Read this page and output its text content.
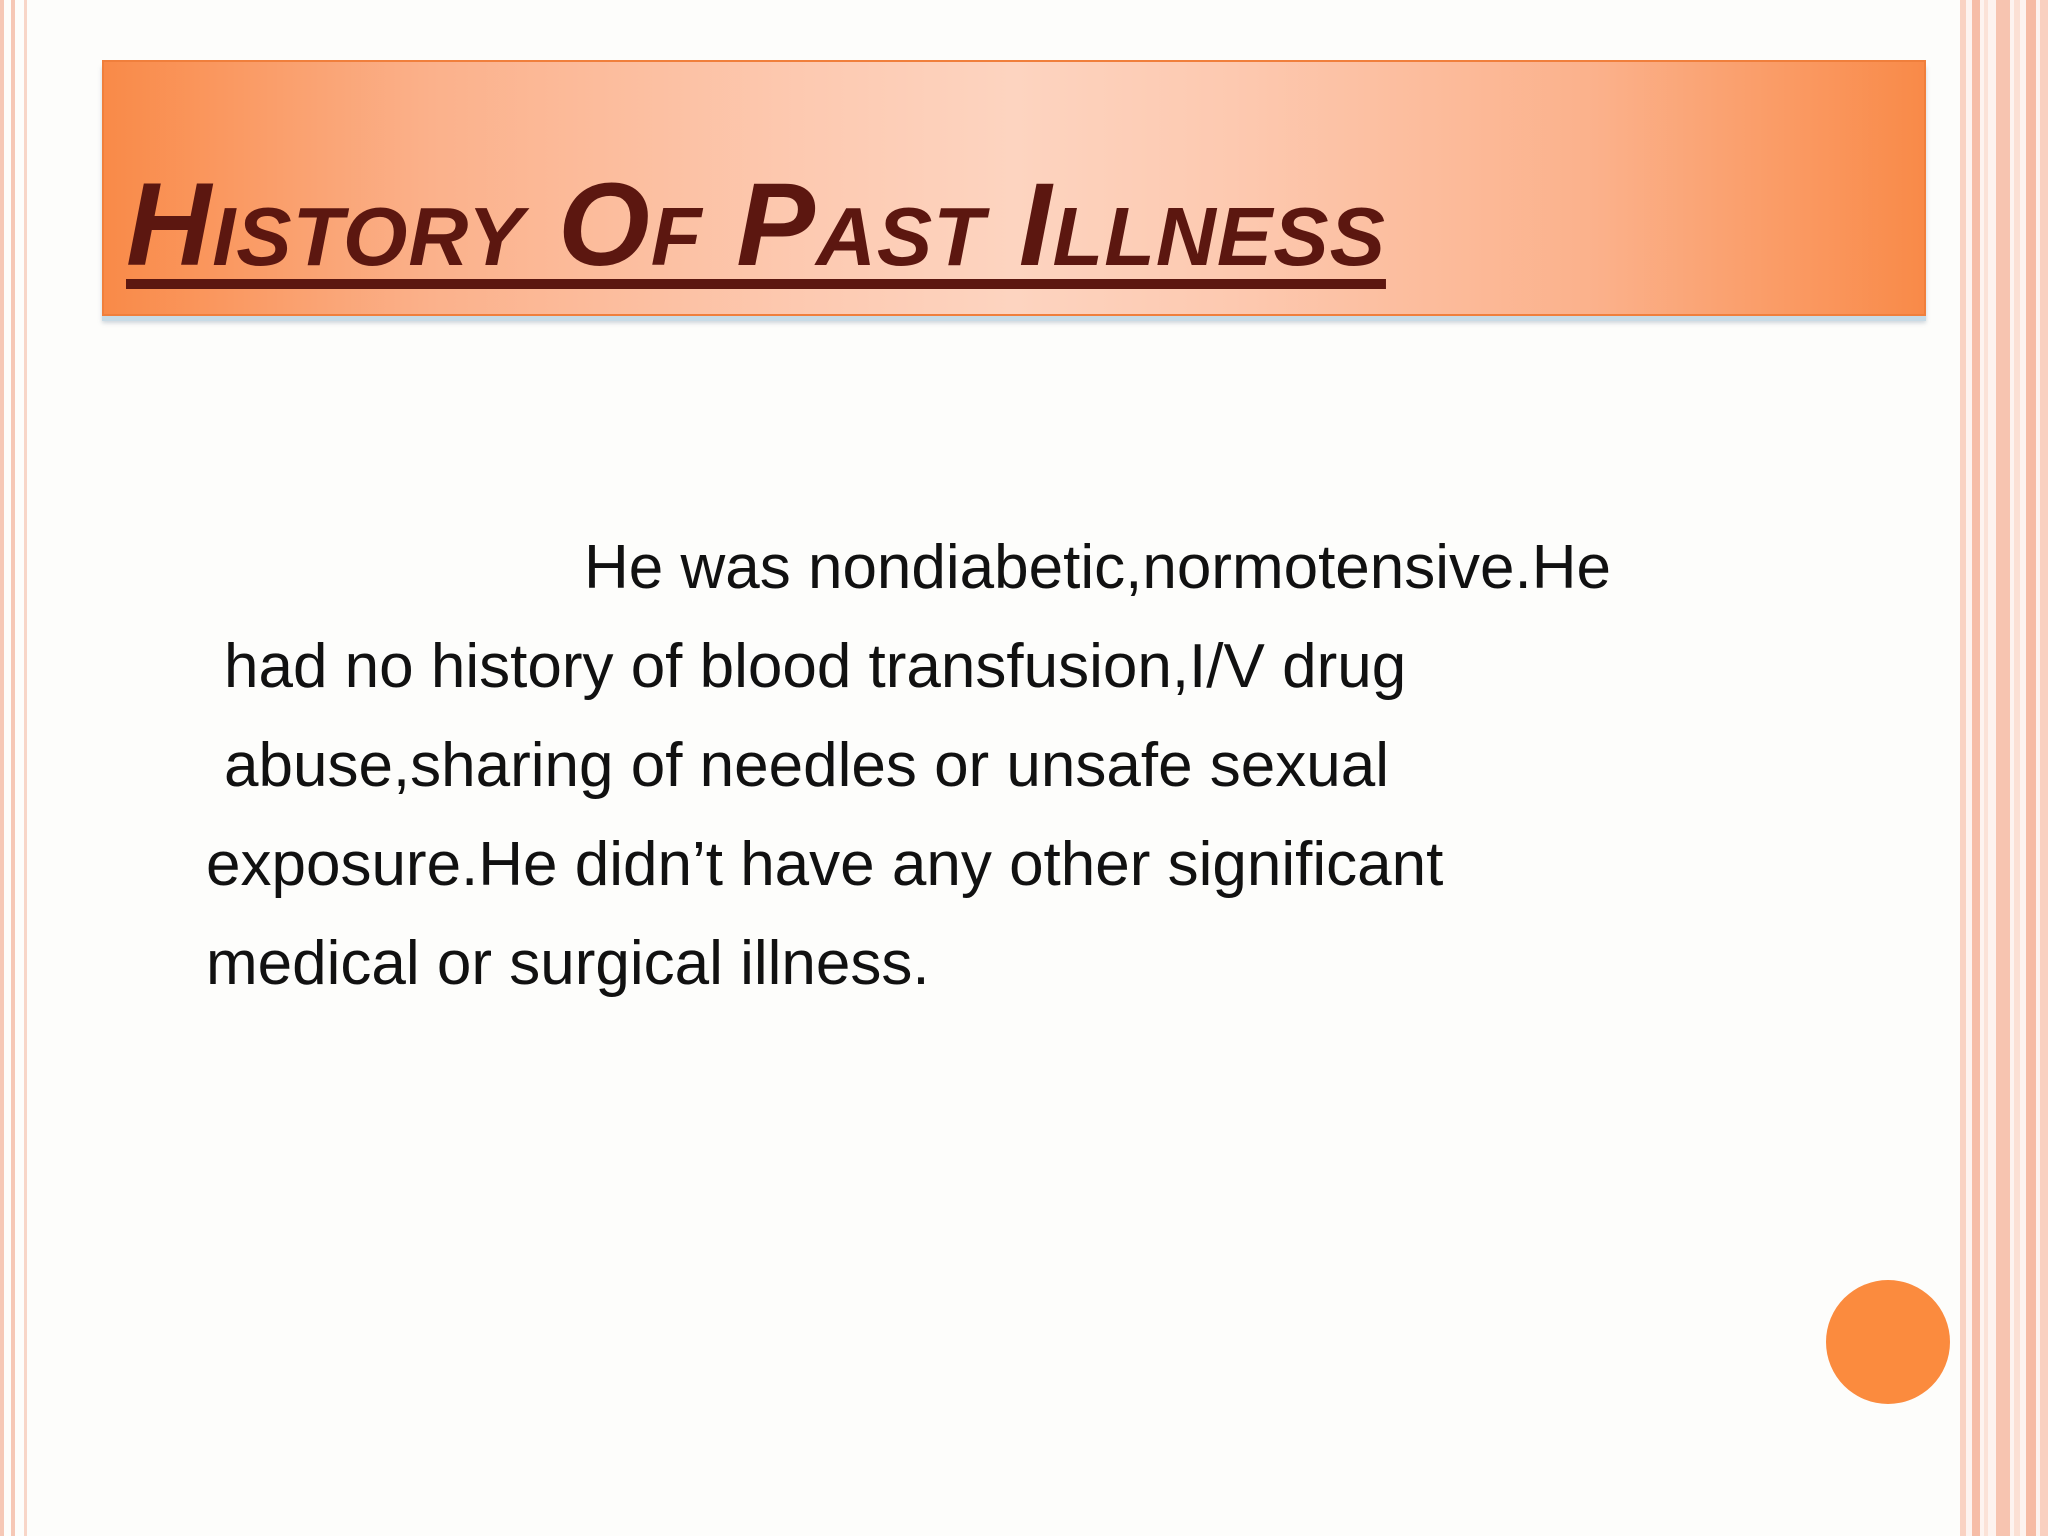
History Of Past Illness
He was nondiabetic,normotensive.He
had no history of blood transfusion,I/V drug
abuse,sharing of needles or unsafe sexual
exposure.He didn’t have any other significant
medical or surgical illness.
